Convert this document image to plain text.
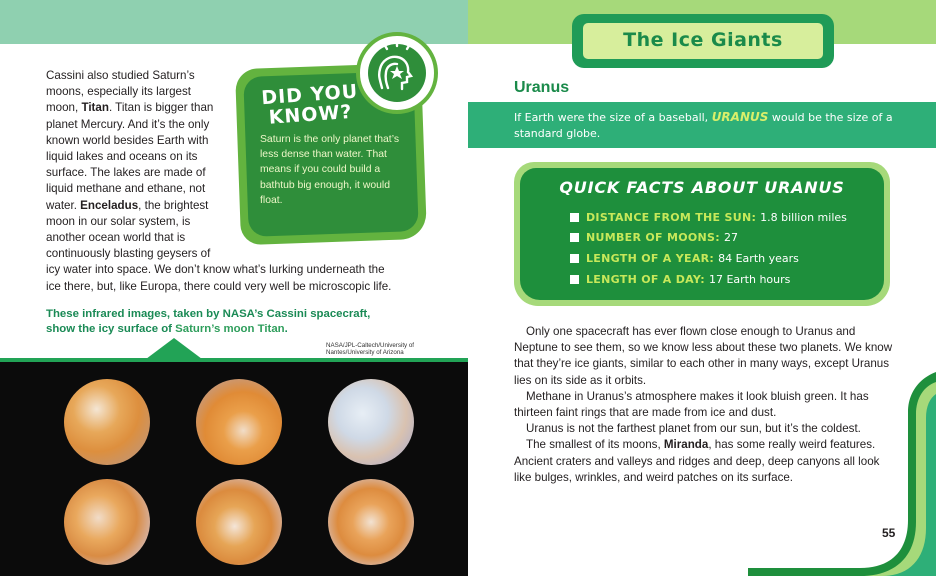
Cassini also studied Saturn’s
moons, especially its largest
moon, Titan. Titan is bigger than
planet Mercury. And it’s the only
known world besides Earth with
liquid lakes and oceans on its
surface. The lakes are made of
liquid methane and ethane, not
water. Enceladus, the brightest
moon in our solar system, is
another ocean world that is
continuously blasting geysers of
icy water into space. We don’t know what’s lurking underneath the
ice there, but, like Europa, there could very well be microscopic life.
DID YOU
KNOW?
Saturn is the only planet that’s less dense than water. That means if you could build a bathtub big enough, it would float.
These infrared images, taken by NASA’s Cassini spacecraft,
show the icy surface of Saturn’s moon Titan.
NASA/JPL-Caltech/University of Nantes/University of Arizona
The Ice Giants
Uranus
If Earth were the size of a baseball, URANUS would be the size of a standard globe.
QUICK FACTS ABOUT URANUS
DISTANCE FROM THE SUN: 1.8 billion miles
NUMBER OF MOONS: 27
LENGTH OF A YEAR: 84 Earth years
LENGTH OF A DAY: 17 Earth hours

Only one spacecraft has ever flown close enough to Uranus and Neptune to see them, so we know less about these two planets. We know that they’re ice giants, similar to each other in many ways, except Uranus lies on its side as it orbits.

Methane in Uranus’s atmosphere makes it look bluish green. It has thirteen faint rings that are made from ice and dust.

Uranus is not the farthest planet from our sun, but it’s the coldest.

The smallest of its moons, Miranda, has some really weird features. Ancient craters and valleys and ridges and deep, deep canyons all look like bulges, wrinkles, and weird patches on its surface.

55
